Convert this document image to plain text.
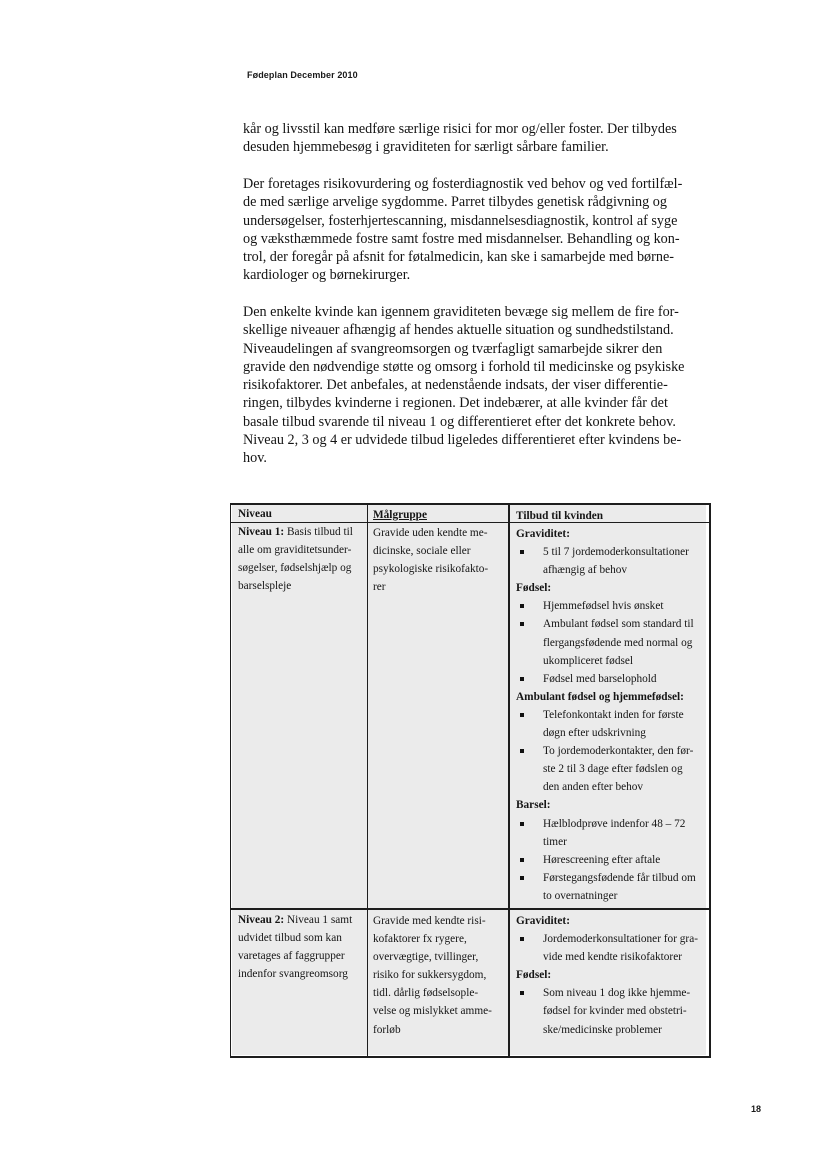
Fødeplan December 2010
kår og livsstil kan medføre særlige risici for mor og/eller foster. Der tilbydes
desuden hjemmebesøg i graviditeten for særligt sårbare familier.
Der foretages risikovurdering og fosterdiagnostik ved behov og ved fortilfæl-
de med særlige arvelige sygdomme. Parret tilbydes genetisk rådgivning og
undersøgelser, fosterhjertescanning, misdannelsesdiagnostik, kontrol af syge
og væksthæmmede fostre samt fostre med misdannelser. Behandling og kon-
trol, der foregår på afsnit for føtalmedicin, kan ske i samarbejde med børne-
kardiologer og børnekirurger.
Den enkelte kvinde kan igennem graviditeten bevæge sig mellem de fire for-
skellige niveauer afhængig af hendes aktuelle situation og sundhedstilstand.
Niveaudelingen af svangreomsorgen og tværfagligt samarbejde sikrer den
gravide den nødvendige støtte og omsorg i forhold til medicinske og psykiske
risikofaktorer. Det anbefales, at nedenstående indsats, der viser differentie-
ringen, tilbydes kvinderne i regionen. Det indebærer, at alle kvinder får det
basale tilbud svarende til niveau 1 og differentieret efter det konkrete behov.
Niveau 2, 3 og 4 er udvidede tilbud ligeledes differentieret efter kvindens be-
hov.
Niveau	Målgruppe	Tilbud til kvinden
Niveau 1: Basis tilbud til
alle om graviditetsunder-
søgelser, fødselshjælp og
barselspleje
Gravide uden kendte me-
dicinske, sociale eller
psykologiske risikofakto-
rer
Graviditet:
5 til 7 jordemoderkonsultationer
afhængig af behov
Fødsel:
Hjemmefødsel hvis ønsket
Ambulant fødsel som standard til
flergangsfødende med normal og
ukompliceret fødsel
Fødsel med barselophold
Ambulant fødsel og hjemmefødsel:
Telefonkontakt inden for første
døgn efter udskrivning
To jordemoderkontakter, den før-
ste 2 til 3 dage efter fødslen og
den anden efter behov
Barsel:
Hælblodprøve indenfor 48 – 72
timer
Hørescreening efter aftale
Førstegangsfødende får tilbud om
to overnatninger
Niveau 2: Niveau 1 samt
udvidet tilbud som kan
varetages af faggrupper
indenfor svangreomsorg
Gravide med kendte risi-
kofaktorer fx rygere,
overvægtige, tvillinger,
risiko for sukkersygdom,
tidl. dårlig fødselsople-
velse og mislykket amme-
forløb
Graviditet:
Jordemoderkonsultationer for gra-
vide med kendte risikofaktorer
Fødsel:
Som niveau 1 dog ikke hjemme-
fødsel for kvinder med obstetri-
ske/medicinske problemer
18
